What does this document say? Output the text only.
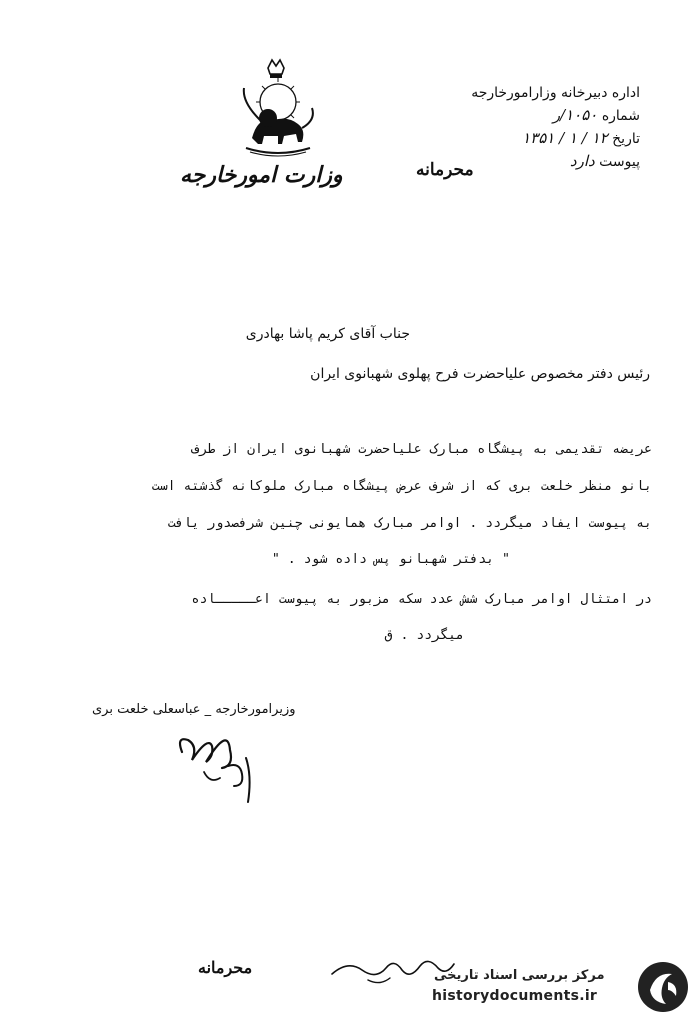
اداره دبیرخانه وزارامورخارجه
شماره ۱۰۵۰/ر
تاریخ ۱۲ / ۱ / ۱۳۵۱
پیوست دارد
وزارت امورخارجه	محرمانه
جناب آقای کریم پاشا بهادری
رئیس دفتر مخصوص علیاحضرت فرح پهلوی شهبانوی ایران
عریضه تقدیمی به پیشگاه مبارک علیاحضرت شهبانوی ایران از طرف
بانو منظر خلعت بری که از شرف عرض پیشگاه مبارک ملوکانه گذشته است
به پیوست ایفاد میگردد . اوامر مبارک همایونی چنین شرفصدور یافت
" بدفتر شهبانو پس داده شود . "
در امتثال اوامر مبارک شش عدد سکه مزبور به پیوست اعـــــاده
میگردد . ق
وزیرامورخارجه _ عباسعلی خلعت بری
محرمانه	مرکز بررسی اسناد تاریخی
historydocuments.ir
